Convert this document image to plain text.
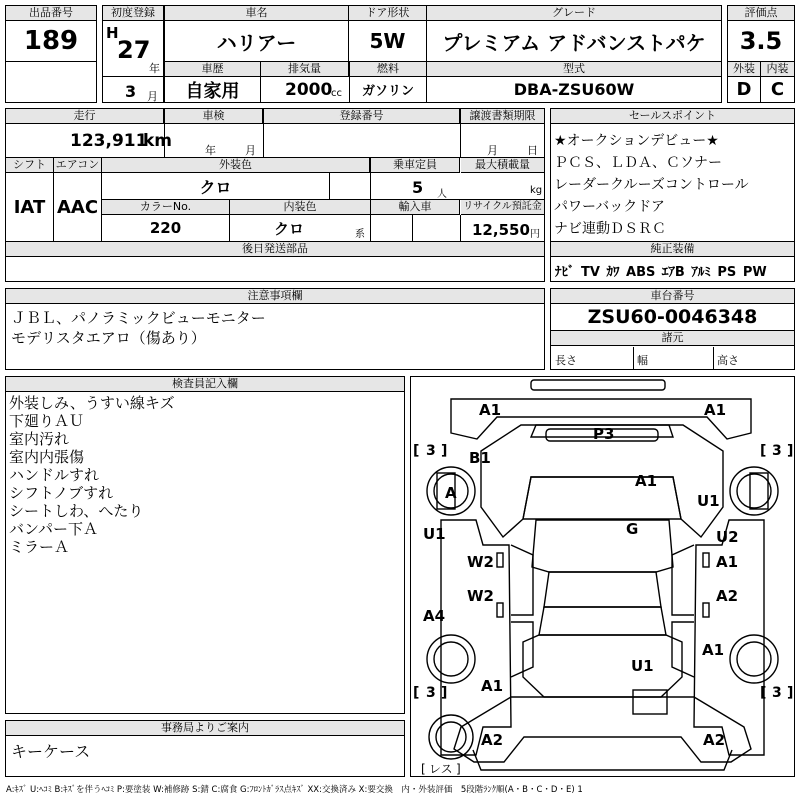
出品番号
189
初度登録
H
27
年
3 月
車名
ハリアー
ドア形状
5W
グレード
プレミアム アドバンストパケ
車歴
自家用
排気量
2000
cc
燃料
ガソリン
型式
DBA-ZSU60W
評価点
3.5
外装	内装
D	C
走行
123,911
km
車検
年	月
登録番号	譲渡書類期限
月	日
シフト
IAT
エアコン
AAC
外装色
クロ
乗車定員
5 人
最大積載量
kg
カラーNo.
220
内装色
クロ	系
輸入車	リサイクル預託金
12,550 円
後日発送部品
セールスポイント
★オークションデビュー★
ＰＣＳ、ＬＤＡ、Ｃソナー
レーダークルーズコントロール
パワーバックドア
ナビ連動ＤＳＲＣ
純正装備
ﾅﾋﾞ TV ｶﾜ ABS ｴｱB ｱﾙﾐ PS PW
注意事項欄
ＪＢＬ、パノラミックビューモニター
モデリスタエアロ（傷あり）
車台番号
ZSU60-0046348
諸元
長さ	幅	高さ
検査員記入欄
外装しみ、うすい線キズ
下廻りＡＵ
室内汚れ
室内内張傷
ハンドルすれ
シフトノブすれ
シートしわ、へたり
バンパー下Ａ
ミラーＡ
事務局よりご案内
キーケース
A1	A1
P3
B1
A
A1
U1
U1	G	U2
W2	A1
W2	A2
A4
A1
U1
A1
A2	A2
[ 3 ]	[ 3 ]
[ 3 ]	[ 3 ]
[ レス ]
A:ｷｽﾞ U:ﾍｺﾐ B:ｷｽﾞを伴うﾍｺﾐ P:要塗装 W:補修跡 S:錆 C:腐食 G:ﾌﾛﾝﾄｶﾞﾗｽ点ｷｽﾞ XX:交換済み X:要交換　内・外装評価　5段階ﾗﾝｸ順(A・B・C・D・E) 1
